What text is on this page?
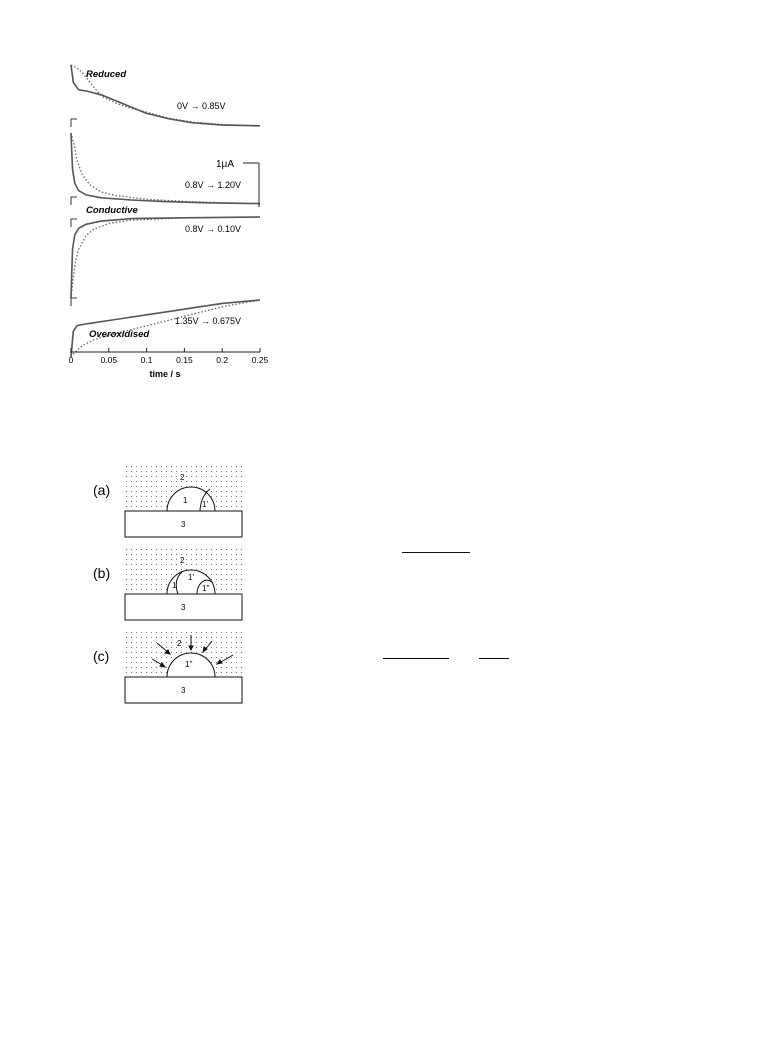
Reduced
0V → 0.85V
0.8V → 1.20V
Conductive
0.8V → 0.10V
Overoxidised
1.35V → 0.675V
0	0.05	0.1	0.15	0.2	0.25
time / s
1μA
(a)
1 1'
2
3
(b)
1
1'
1''
2
3
(c)
1''
2
3
